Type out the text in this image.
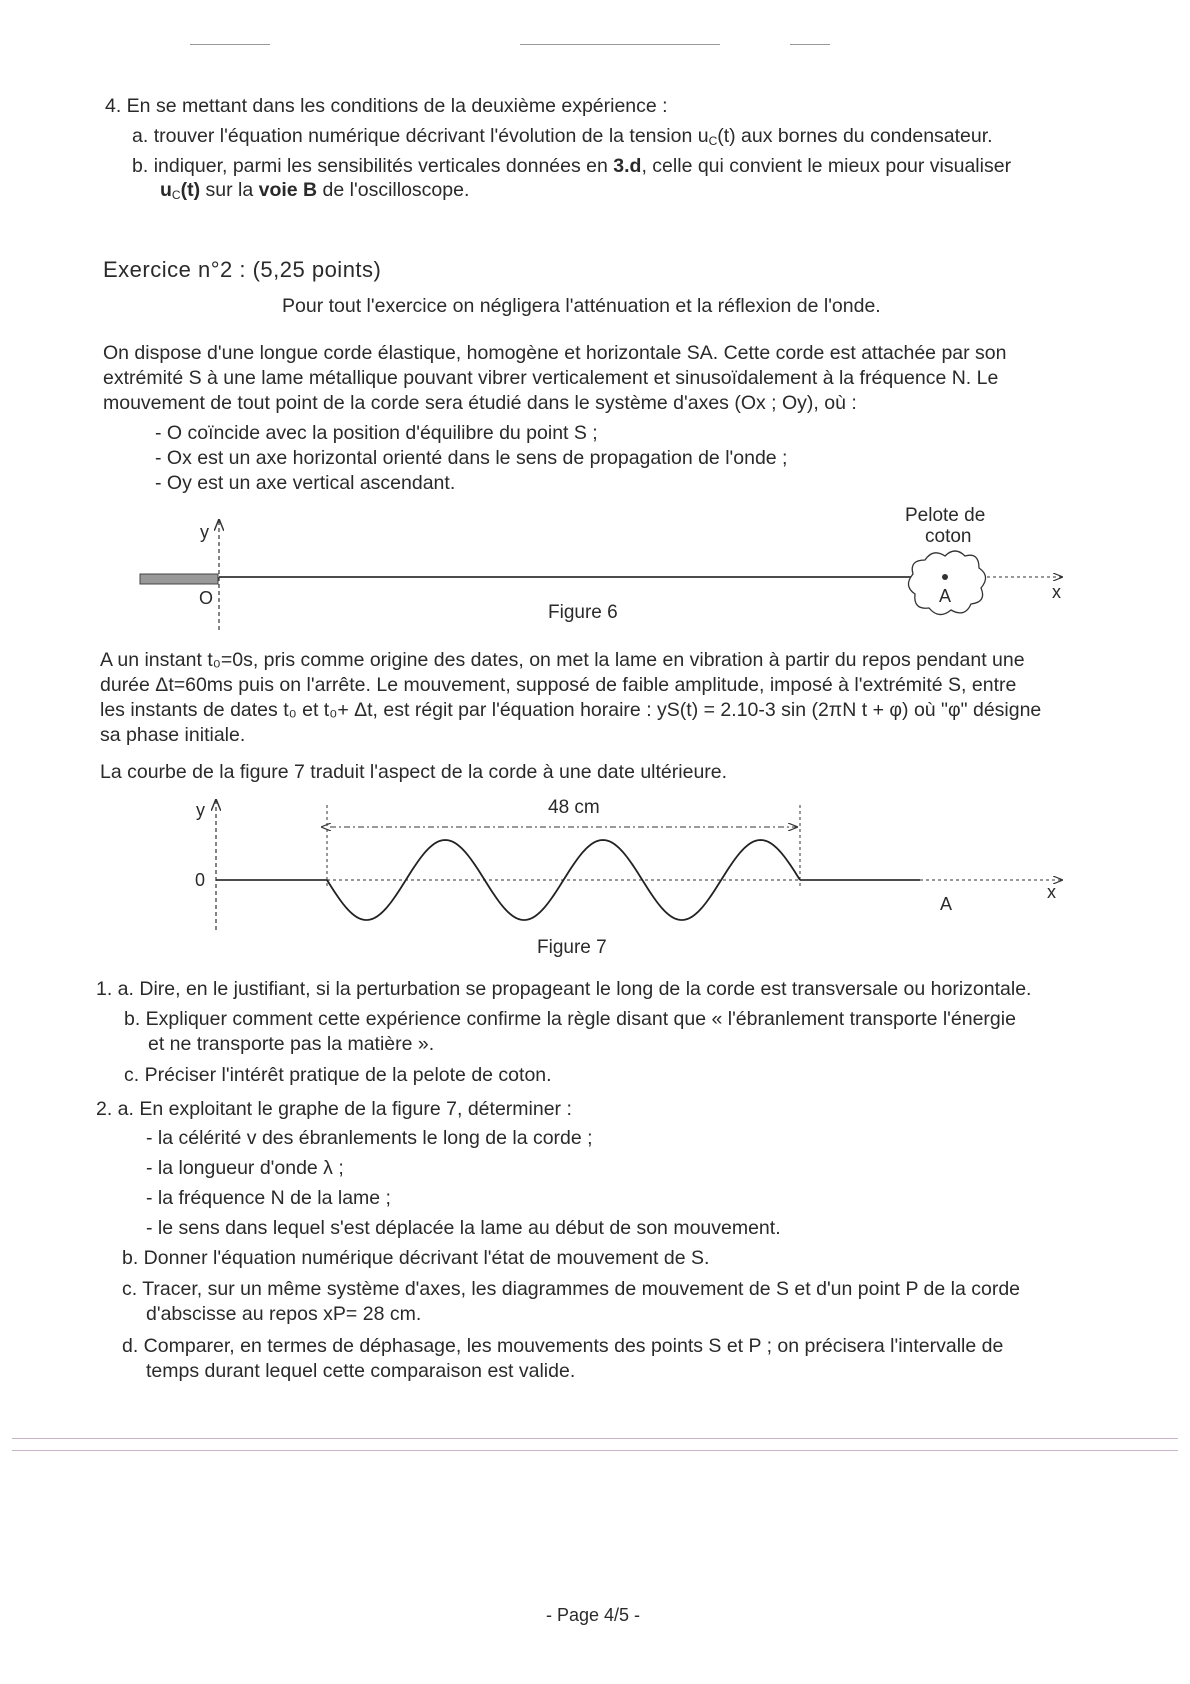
4. En se mettant dans les conditions de la deuxième expérience :
a. trouver l'équation numérique décrivant l'évolution de la tension $u_C(t)$ aux bornes du condensateur.
b. indiquer, parmi les sensibilités verticales données en 3.d, celle qui convient le mieux pour visualiser
$u_C(t)$ sur la voie B de l'oscilloscope.
Exercice n°2 : (5,25 points)
Pour tout l'exercice on négligera l'atténuation et la réflexion de l'onde.
On dispose d'une longue corde élastique, homogène et horizontale SA. Cette corde est attachée par son
extrémité S à une lame métallique pouvant vibrer verticalement et sinusoïdalement à la fréquence N. Le
mouvement de tout point de la corde sera étudié dans le système d'axes (Ox ; Oy), où :
- O coïncide avec la position d'équilibre du point S ;
- Ox est un axe horizontal orienté dans le sens de propagation de l'onde ;
- Oy est un axe vertical ascendant.
y
O	A	x
Pelote de
coton
Figure 6
A un instant t₀=0s, pris comme origine des dates, on met la lame en vibration à partir du repos pendant une
durée Δt=60ms puis on l'arrête. Le mouvement, supposé de faible amplitude, imposé à l'extrémité S, entre
les instants de dates t₀ et t₀+ Δt, est régit par l'équation horaire : yS(t) = 2.10-3 sin (2πN t + φ) où "φ" désigne
sa phase initiale.
La courbe de la figure 7 traduit l'aspect de la corde à une date ultérieure.
y
0
48 cm
A
x
Figure 7
1. a. Dire, en le justifiant, si la perturbation se propageant le long de la corde est transversale ou horizontale.
b. Expliquer comment cette expérience confirme la règle disant que « l'ébranlement transporte l'énergie
et ne transporte pas la matière ».
c. Préciser l'intérêt pratique de la pelote de coton.
2. a. En exploitant le graphe de la figure 7, déterminer :
- la célérité v des ébranlements le long de la corde ;
- la longueur d'onde λ ;
- la fréquence N de la lame ;
- le sens dans lequel s'est déplacée la lame au début de son mouvement.
b. Donner l'équation numérique décrivant l'état de mouvement de S.
c. Tracer, sur un même système d'axes, les diagrammes de mouvement de S et d'un point P de la corde
d'abscisse au repos xP= 28 cm.
d. Comparer, en termes de déphasage, les mouvements des points S et P ; on précisera l'intervalle de
temps durant lequel cette comparaison est valide.
- Page 4/5 -
